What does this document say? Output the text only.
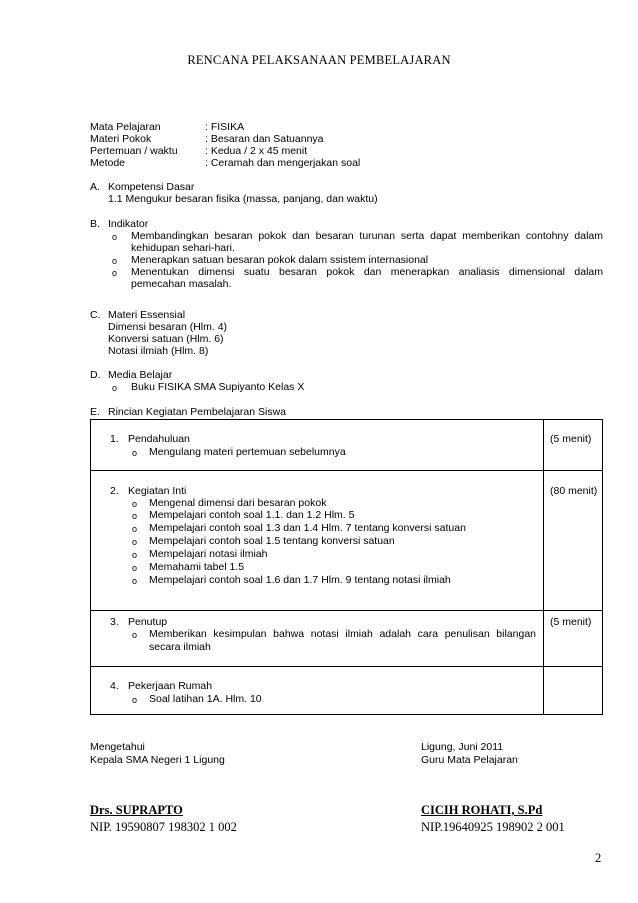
RENCANA PELAKSANAAN PEMBELAJARAN
Mata Pelajaran	: FISIKA
Materi Pokok	: Besaran dan Satuannya
Pertemuan / waktu	: Kedua / 2 x 45 menit
Metode	: Ceramah dan mengerjakan soal
A. Kompetensi Dasar
1.1 Mengukur besaran fisika (massa, panjang, dan waktu)
B. Indikator
o Membandingkan besaran pokok dan besaran turunan serta dapat memberikan contohny dalam
kehidupan sehari-hari.
o Menerapkan satuan besaran pokok dalam ssistem internasional
o Menentukan dimensi suatu besaran pokok dan menerapkan analiasis dimensional dalam
pemecahan masalah.
C. Materi Essensial
Dimensi besaran (Hlm. 4)
Konversi satuan (Hlm. 6)
Notasi ilmiah (Hlm. 8)
D. Media Belajar
o Buku FISIKA SMA Supiyanto Kelas X
E. Rincian Kegiatan Pembelajaran Siswa
1. Pendahuluan	(5 menit)
o Mengulang materi pertemuan sebelumnya
2. Kegiatan Inti	(80 menit)
o Mengenal dimensi dari besaran pokok
o Mempelajari contoh soal 1.1. dan 1.2 Hlm. 5
o Mempelajari contoh soal 1.3 dan 1.4 Hlm. 7 tentang konversi satuan
o Mempelajari contoh soal 1.5 tentang konversi satuan
o Mempelajari notasi ilmiah
o Memahami tabel 1.5
o Mempelajari contoh soal 1.6 dan 1.7 Hlm. 9 tentang notasi ilmiah
3. Penutup	(5 menit)
o Memberikan kesimpulan bahwa notasi ilmiah adalah cara penulisan bilangan
secara ilmiah
4. Pekerjaan Rumah
o Soal latihan 1A. Hlm. 10
Mengetahui
Kepala SMA Negeri 1 Ligung
Ligung, Juni 2011
Guru Mata Pelajaran
Drs. SUPRAPTO
NIP. 19590807 198302 1 002
CICIH ROHATI, S.Pd
NIP.19640925 198902 2 001
2
